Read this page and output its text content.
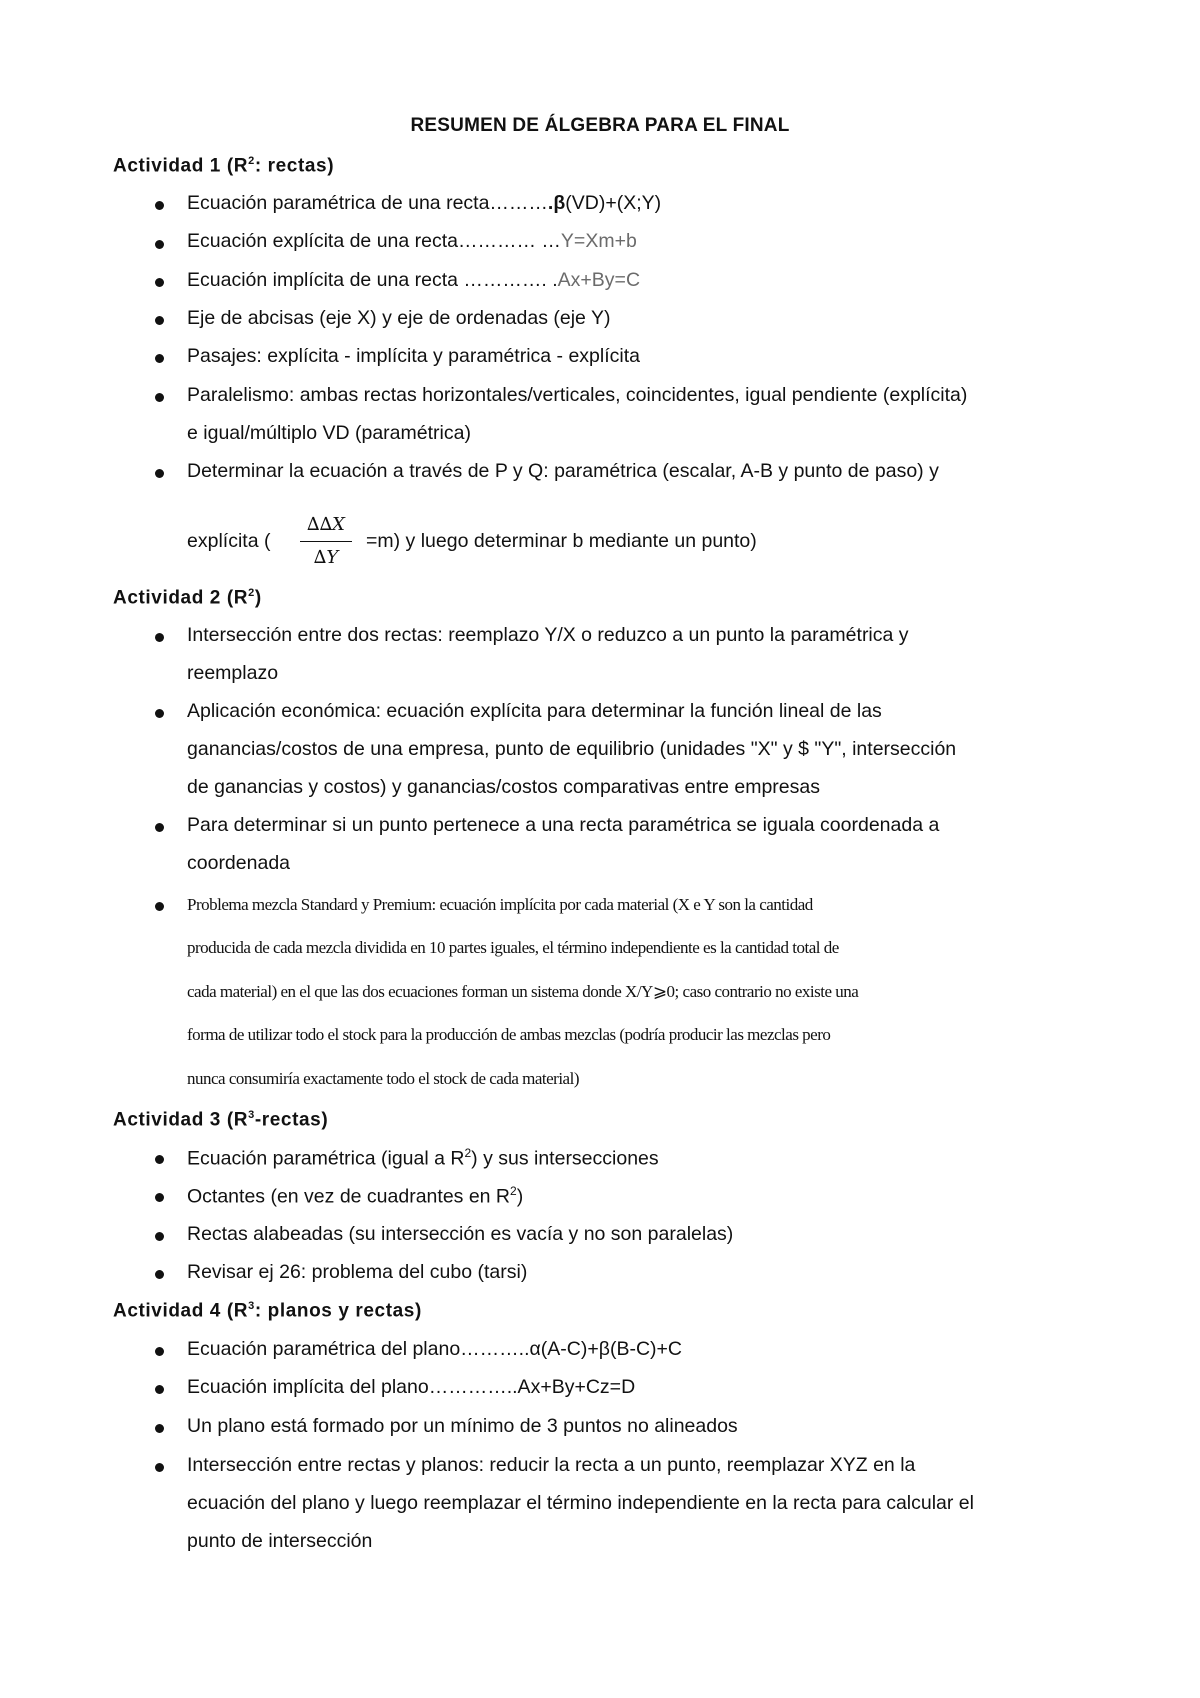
RESUMEN DE ÁLGEBRA PARA EL FINAL
Actividad 1 ($R^2$: rectas)
Ecuación paramétrica de una recta……….β(VD)+(X;Y)
Ecuación explícita de una recta………… …Y=Xm+b
Ecuación implícita de una recta …………. .Ax+By=C
Eje de abcisas (eje X) y eje de ordenadas (eje Y)
Pasajes: explícita - implícita y paramétrica - explícita
Paralelismo: ambas rectas horizontales/verticales, coincidentes, igual pendiente (explícita)
e igual/múltiplo VD (paramétrica)
Determinar la ecuación a través de P y Q: paramétrica (escalar, A-B y punto de paso) y
explícita (
∆∆X
∆Y
=m) y luego determinar b mediante un punto)
Actividad 2 $(R^2)$
Intersección entre dos rectas: reemplazo Y/X o reduzco a un punto la paramétrica y
reemplazo
Aplicación económica: ecuación explícita para determinar la función lineal de las
ganancias/costos de una empresa, punto de equilibrio (unidades "X" y $ "Y", intersección
de ganancias y costos) y ganancias/costos comparativas entre empresas
Para determinar si un punto pertenece a una recta paramétrica se iguala coordenada a
coordenada
Problema mezcla Standard y Premium: ecuación implícita por cada material (X e Y son la cantidad
producida de cada mezcla dividida en 10 partes iguales, el término independiente es la cantidad total de
cada material) en el que las dos ecuaciones forman un sistema donde X/Y⩾0; caso contrario no existe una
forma de utilizar todo el stock para la producción de ambas mezclas (podría producir las mezclas pero
nunca consumiría exactamente todo el stock de cada material)
Actividad 3 $(R^3-rectas)$
Ecuación paramétrica (igual a $R^2$) y sus intersecciones
Octantes (en vez de cuadrantes en $R^2$)
Rectas alabeadas (su intersección es vacía y no son paralelas)
Revisar ej 26: problema del cubo (tarsi)
Actividad 4 ($R^3$: planos y rectas)
Ecuación paramétrica del plano………..α(A-C)+β(B-C)+C
Ecuación implícita del plano…………..Ax+By+Cz=D
Un plano está formado por un mínimo de 3 puntos no alineados
Intersección entre rectas y planos: reducir la recta a un punto, reemplazar XYZ en la
ecuación del plano y luego reemplazar el término independiente en la recta para calcular el
punto de intersección
